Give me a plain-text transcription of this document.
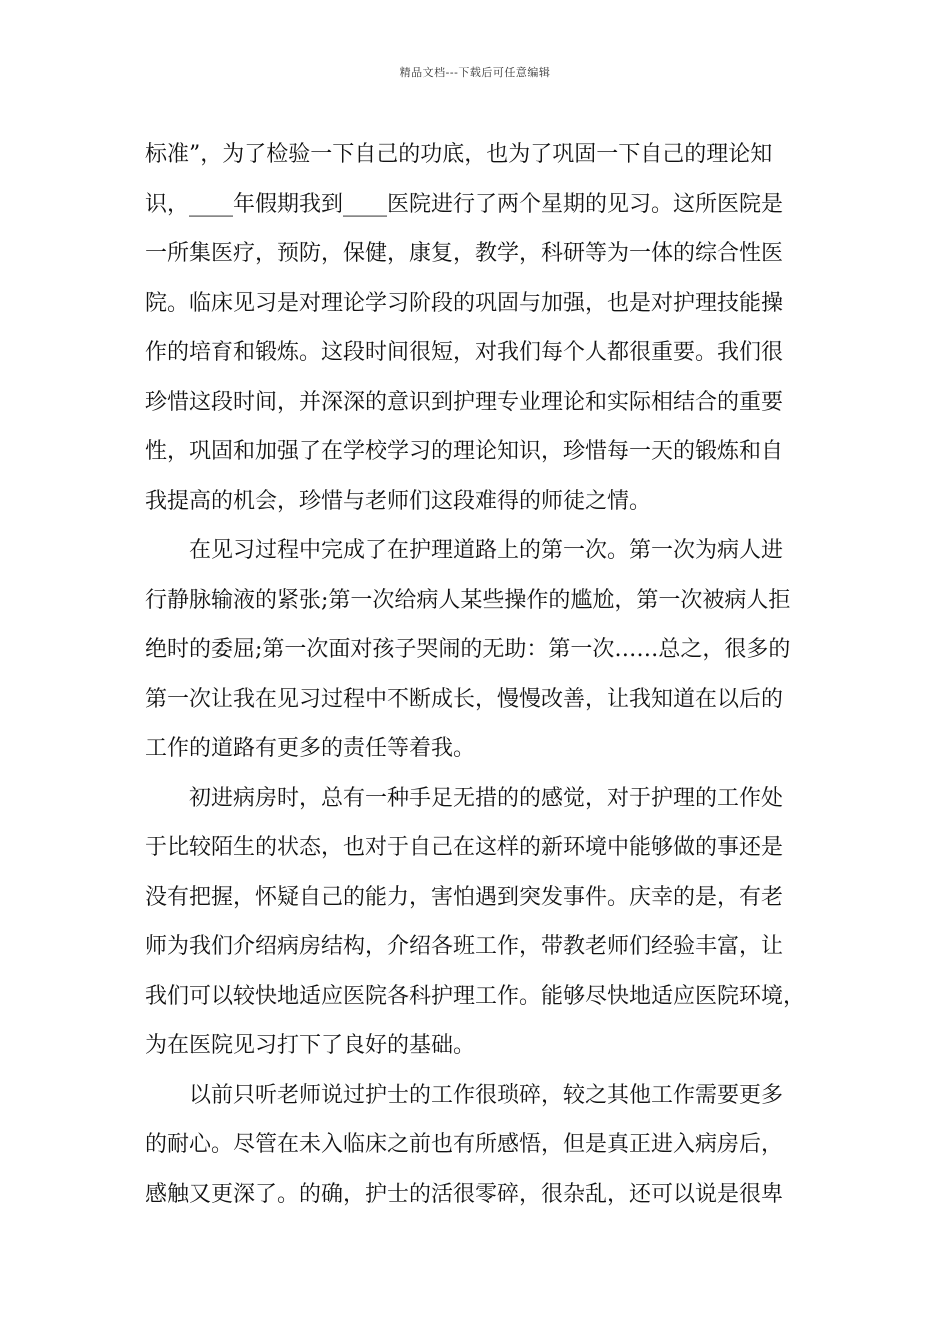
精品文档---下载后可任意编辑
标准”，为了检验一下自己的功底，也为了巩固一下自己的理论知
识，____年假期我到____医院进行了两个星期的见习。这所医院是
一所集医疗，预防，保健，康复，教学，科研等为一体的综合性医
院。临床见习是对理论学习阶段的巩固与加强，也是对护理技能操
作的培育和锻炼。这段时间很短，对我们每个人都很重要。我们很
珍惜这段时间，并深深的意识到护理专业理论和实际相结合的重要
性，巩固和加强了在学校学习的理论知识，珍惜每一天的锻炼和自
我提高的机会，珍惜与老师们这段难得的师徒之情。
　　在见习过程中完成了在护理道路上的第一次。第一次为病人进
行静脉输液的紧张;第一次给病人某些操作的尴尬，第一次被病人拒
绝时的委屈;第一次面对孩子哭闹的无助：第一次……总之，很多的
第一次让我在见习过程中不断成长，慢慢改善，让我知道在以后的
工作的道路有更多的责任等着我。
　　初进病房时，总有一种手足无措的的感觉，对于护理的工作处
于比较陌生的状态，也对于自己在这样的新环境中能够做的事还是
没有把握，怀疑自己的能力，害怕遇到突发事件。庆幸的是，有老
师为我们介绍病房结构，介绍各班工作，带教老师们经验丰富，让
我们可以较快地适应医院各科护理工作。能够尽快地适应医院环境，
为在医院见习打下了良好的基础。
　　以前只听老师说过护士的工作很琐碎，较之其他工作需要更多
的耐心。尽管在未入临床之前也有所感悟，但是真正进入病房后，
感触又更深了。的确，护士的活很零碎，很杂乱，还可以说是很卑
